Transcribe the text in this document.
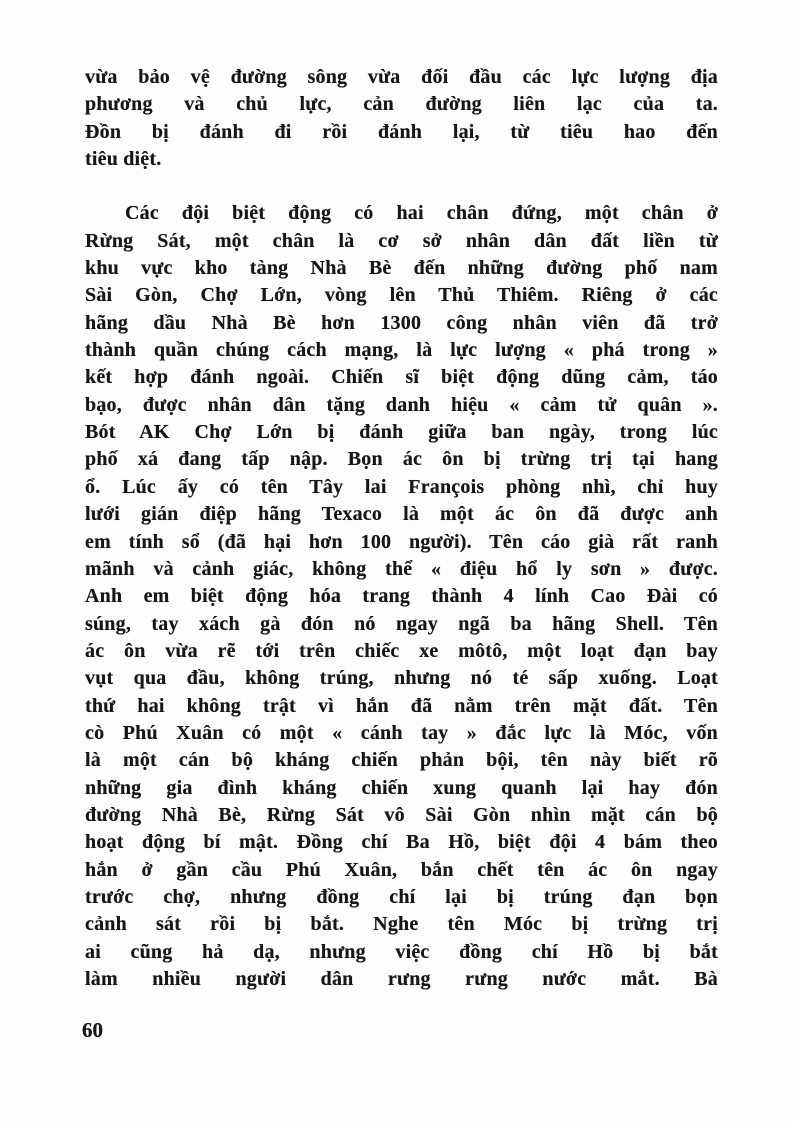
vừa bảo vệ đường sông vừa đối đầu các lực lượng địa
phương và chủ lực, cản đường liên lạc của ta.
Đồn bị đánh đi rồi đánh lại, từ tiêu hao đến
tiêu diệt.
Các đội biệt động có hai chân đứng, một chân ở
Rừng Sát, một chân là cơ sở nhân dân đất liền từ
khu vực kho tàng Nhà Bè đến những đường phố nam
Sài Gòn, Chợ Lớn, vòng lên Thủ Thiêm. Riêng ở các
hãng dầu Nhà Bè hơn 1300 công nhân viên đã trở
thành quần chúng cách mạng, là lực lượng « phá trong »
kết hợp đánh ngoài. Chiến sĩ biệt động dũng cảm, táo
bạo, được nhân dân tặng danh hiệu « cảm tử quân ».
Bót AK Chợ Lớn bị đánh giữa ban ngày, trong lúc
phố xá đang tấp nập. Bọn ác ôn bị trừng trị tại hang
ổ. Lúc ấy có tên Tây lai François phòng nhì, chỉ huy
lưới gián điệp hãng Texaco là một ác ôn đã được anh
em tính sổ (đã hại hơn 100 người). Tên cáo già rất ranh
mãnh và cảnh giác, không thể « điệu hổ ly sơn » được.
Anh em biệt động hóa trang thành 4 lính Cao Đài có
súng, tay xách gà đón nó ngay ngã ba hãng Shell. Tên
ác ôn vừa rẽ tới trên chiếc xe môtô, một loạt đạn bay
vụt qua đầu, không trúng, nhưng nó té sấp xuống. Loạt
thứ hai không trật vì hắn đã nằm trên mặt đất. Tên
cò Phú Xuân có một « cánh tay » đắc lực là Móc, vốn
là một cán bộ kháng chiến phản bội, tên này biết rõ
những gia đình kháng chiến xung quanh lại hay đón
đường Nhà Bè, Rừng Sát vô Sài Gòn nhìn mặt cán bộ
hoạt động bí mật. Đồng chí Ba Hồ, biệt đội 4 bám theo
hắn ở gần cầu Phú Xuân, bắn chết tên ác ôn ngay
trước chợ, nhưng đồng chí lại bị trúng đạn bọn
cảnh sát rồi bị bắt. Nghe tên Móc bị trừng trị
ai cũng hả dạ, nhưng việc đồng chí Hồ bị bắt
làm nhiều người dân rưng rưng nước mắt. Bà
60
